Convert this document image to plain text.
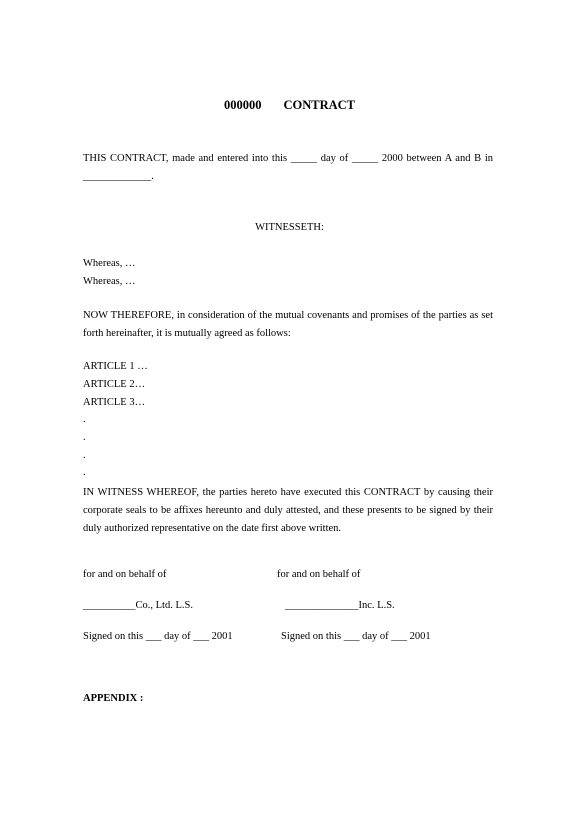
000000 CONTRACT
THIS CONTRACT, made and entered into this _____ day of _____ 2000 between A and B in _____________.
WITNESSETH:
Whereas, …
Whereas, …
NOW THEREFORE, in consideration of the mutual covenants and promises of the parties as set forth hereinafter, it is mutually agreed as follows:
ARTICLE 1 …
ARTICLE 2…
ARTICLE 3…
.
.
.
.
IN WITNESS WHEREOF, the parties hereto have executed this CONTRACT by causing their corporate seals to be affixes hereunto and duly attested, and these presents to be signed by their duly authorized representative on the date first above written.
for and on behalf of	for and on behalf of
__________Co., Ltd. L.S.	______________Inc. L.S.
Signed on this ___ day of ___ 2001	Signed on this ___ day of ___ 2001
APPENDIX :
